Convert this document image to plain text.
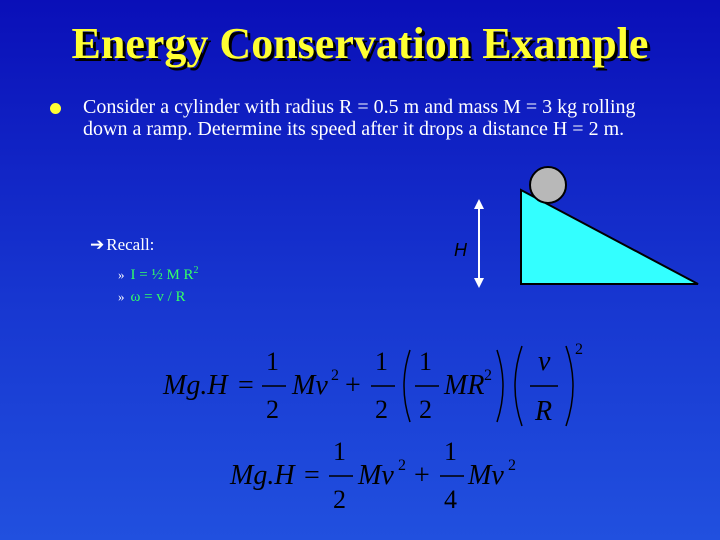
Energy Conservation Example
Consider a cylinder with radius R = 0.5 m and mass M = 3 kg rolling down a ramp. Determine its speed after it drops a distance H = 2 m.
➔ Recall:
» I = ½ M $R^2$
» ω = v / R
H
Mg.H =
1
2
Mv 2 +
1
2
1
2
MR 2 v
R
2
Mg.H =
1
2
Mv 2 +
1
4
Mv 2
